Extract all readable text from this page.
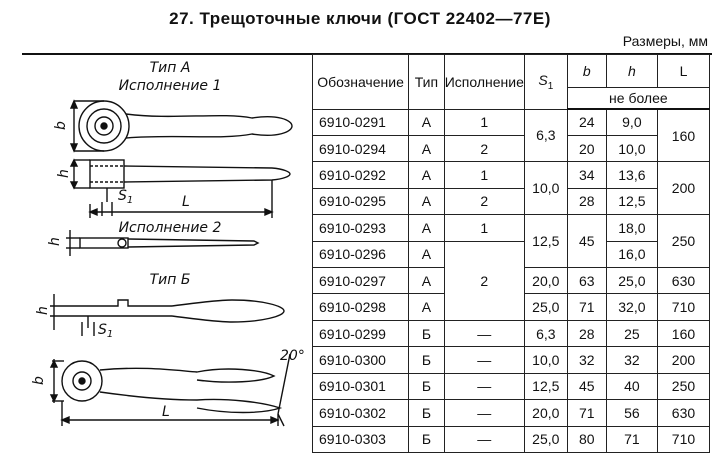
27. Трещоточные ключи (ГОСТ 22402—77Е)
Размеры, мм
Тип А
Исполнение 1
Исполнение 2
Тип Б
b
h
$S_1$	L
h
h
$S_1$
b
L
20°
Обозначение	Тип	Исполнение	$S_1$	b	h	L
				не более		
6910-0291	А	1	6,3	24	9,0	160
6910-0294	А	2		20	10,0	
6910-0292	А	1	10,0	34	13,6	200
6910-0295	А	2		28	12,5	
6910-0293	А	1	12,5	45	18,0	250
6910-0296	А				16,0	
6910-0297	А	2	20,0	63	25,0	630
6910-0298	А		25,0	71	32,0	710
6910-0299	Б	—	6,3	28	25	160
6910-0300	Б	—	10,0	32	32	200
6910-0301	Б	—	12,5	45	40	250
6910-0302	Б	—	20,0	71	56	630
6910-0303	Б	—	25,0	80	71	710
